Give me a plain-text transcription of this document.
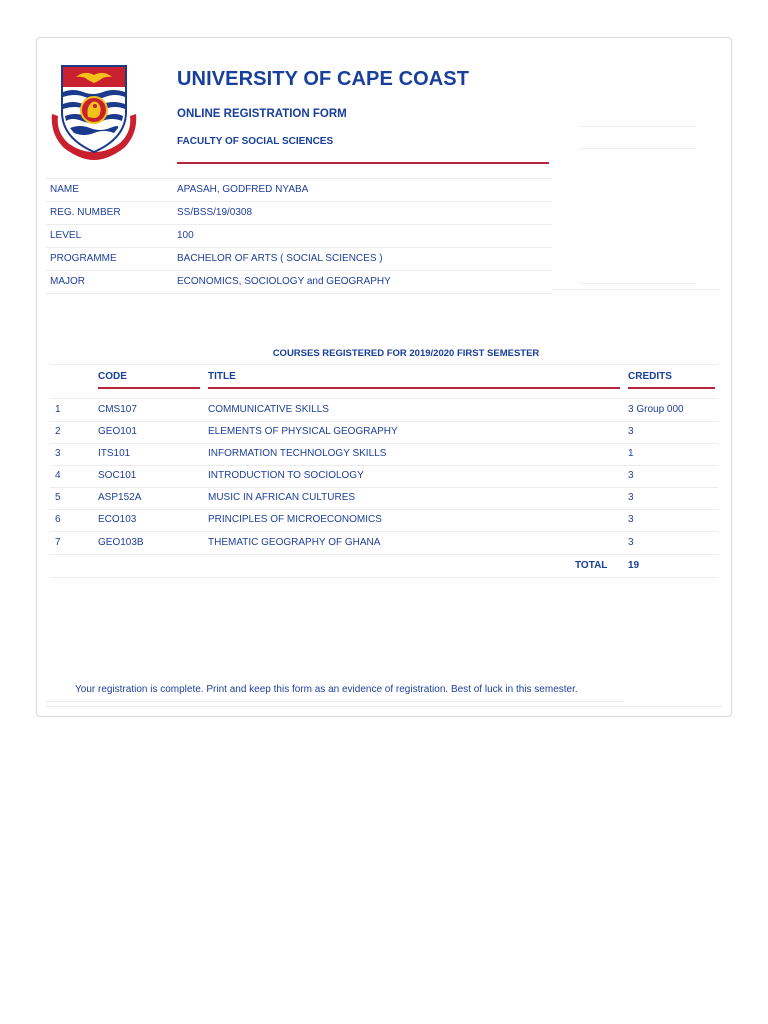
UNIVERSITY OF CAPE COAST
ONLINE REGISTRATION FORM
FACULTY OF SOCIAL SCIENCES
NAME	APASAH, GODFRED NYABA
REG. NUMBER	SS/BSS/19/0308
LEVEL	100
PROGRAMME	BACHELOR OF ARTS ( SOCIAL SCIENCES )
MAJOR	ECONOMICS, SOCIOLOGY and GEOGRAPHY
COURSES REGISTERED FOR 2019/2020 FIRST SEMESTER
CODE	TITLE	CREDITS
1	CMS107	COMMUNICATIVE SKILLS	3 Group 000
2	GEO101	ELEMENTS OF PHYSICAL GEOGRAPHY	3
3	ITS101	INFORMATION TECHNOLOGY SKILLS	1
4	SOC101	INTRODUCTION TO SOCIOLOGY	3
5	ASP152A	MUSIC IN AFRICAN CULTURES	3
6	ECO103	PRINCIPLES OF MICROECONOMICS	3
7	GEO103B	THEMATIC GEOGRAPHY OF GHANA	3
TOTAL 19
Your registration is complete. Print and keep this form as an evidence of registration. Best of luck in this semester.
